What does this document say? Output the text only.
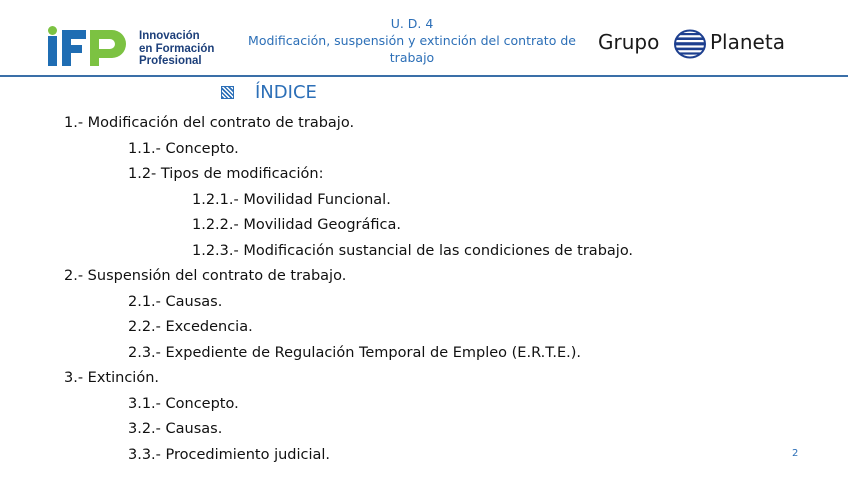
Innovación
en Formación
Profesional
U. D. 4
Modificación, suspensión y extinción del contrato de
trabajo
Grupo	Planeta
ÍNDICE
1.- Modificación del contrato de trabajo.
1.1.- Concepto.
1.2- Tipos de modificación:
1.2.1.- Movilidad Funcional.
1.2.2.- Movilidad Geográfica.
1.2.3.- Modificación sustancial de las condiciones de trabajo.
2.- Suspensión del contrato de trabajo.
2.1.- Causas.
2.2.- Excedencia.
2.3.- Expediente de Regulación Temporal de Empleo (E.R.T.E.).
3.- Extinción.
3.1.- Concepto.
3.2.- Causas.
3.3.- Procedimiento judicial.	2
